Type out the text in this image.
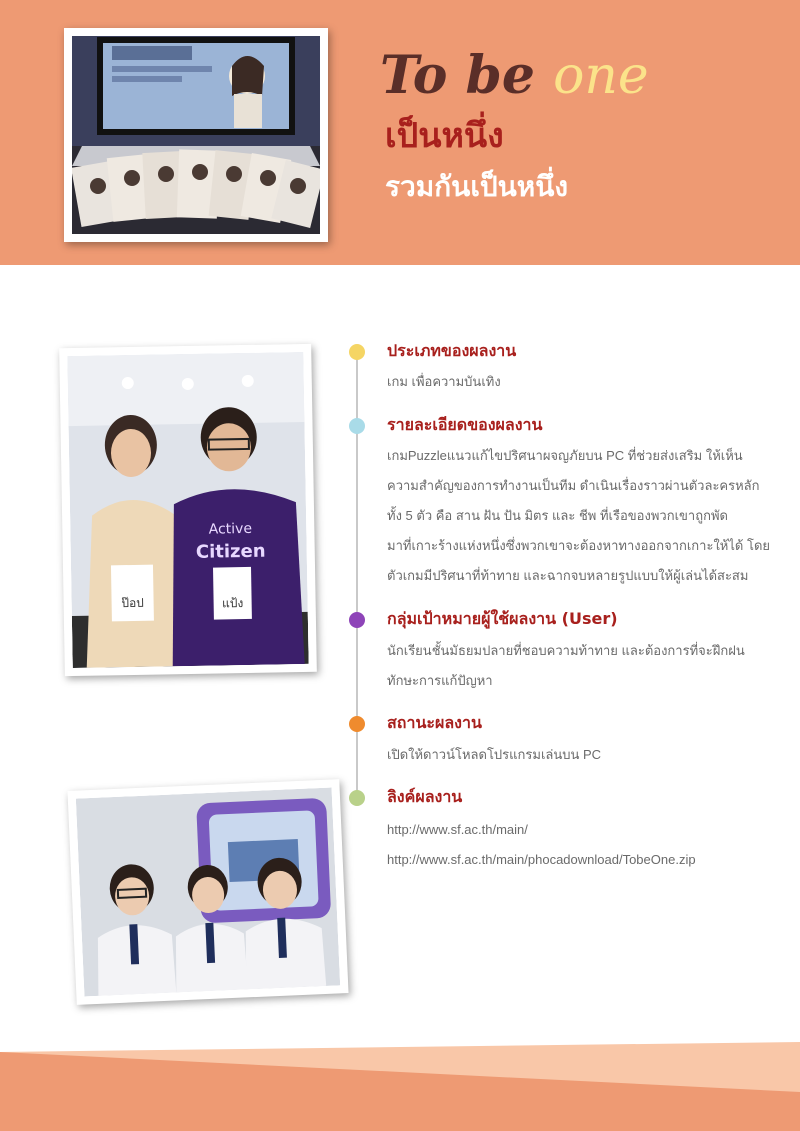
To be one
เป็นหนึ่ง
รวมกันเป็นหนึ่ง
ป๊อป
Active
Citizen
แป้ง
ประเภทของผลงาน
เกม เพื่อความบันเทิง
รายละเอียดของผลงาน
เกมPuzzleแนวแก้ไขปริศนาผจญภัยบน PC ที่ช่วยส่งเสริม ให้เห็น
ความสำคัญของการทำงานเป็นทีม ดำเนินเรื่องราวผ่านตัวละครหลัก
ทั้ง 5 ตัว คือ สาน ฝัน ปัน มิตร และ ชีพ ที่เรือของพวกเขาถูกพัด
มาที่เกาะร้างแห่งหนึ่งซึ่งพวกเขาจะต้องหาทางออกจากเกาะให้ได้ โดย
ตัวเกมมีปริศนาที่ท้าทาย และฉากจบหลายรูปแบบให้ผู้เล่นได้สะสม
กลุ่มเป้าหมายผู้ใช้ผลงาน (User)
นักเรียนชั้นมัธยมปลายที่ชอบความท้าทาย และต้องการที่จะฝึกฝน
ทักษะการแก้ปัญหา
สถานะผลงาน
เปิดให้ดาวน์โหลดโปรแกรมเล่นบน PC
ลิงค์ผลงาน
http://www.sf.ac.th/main/
http://www.sf.ac.th/main/phocadownload/TobeOne.zip
